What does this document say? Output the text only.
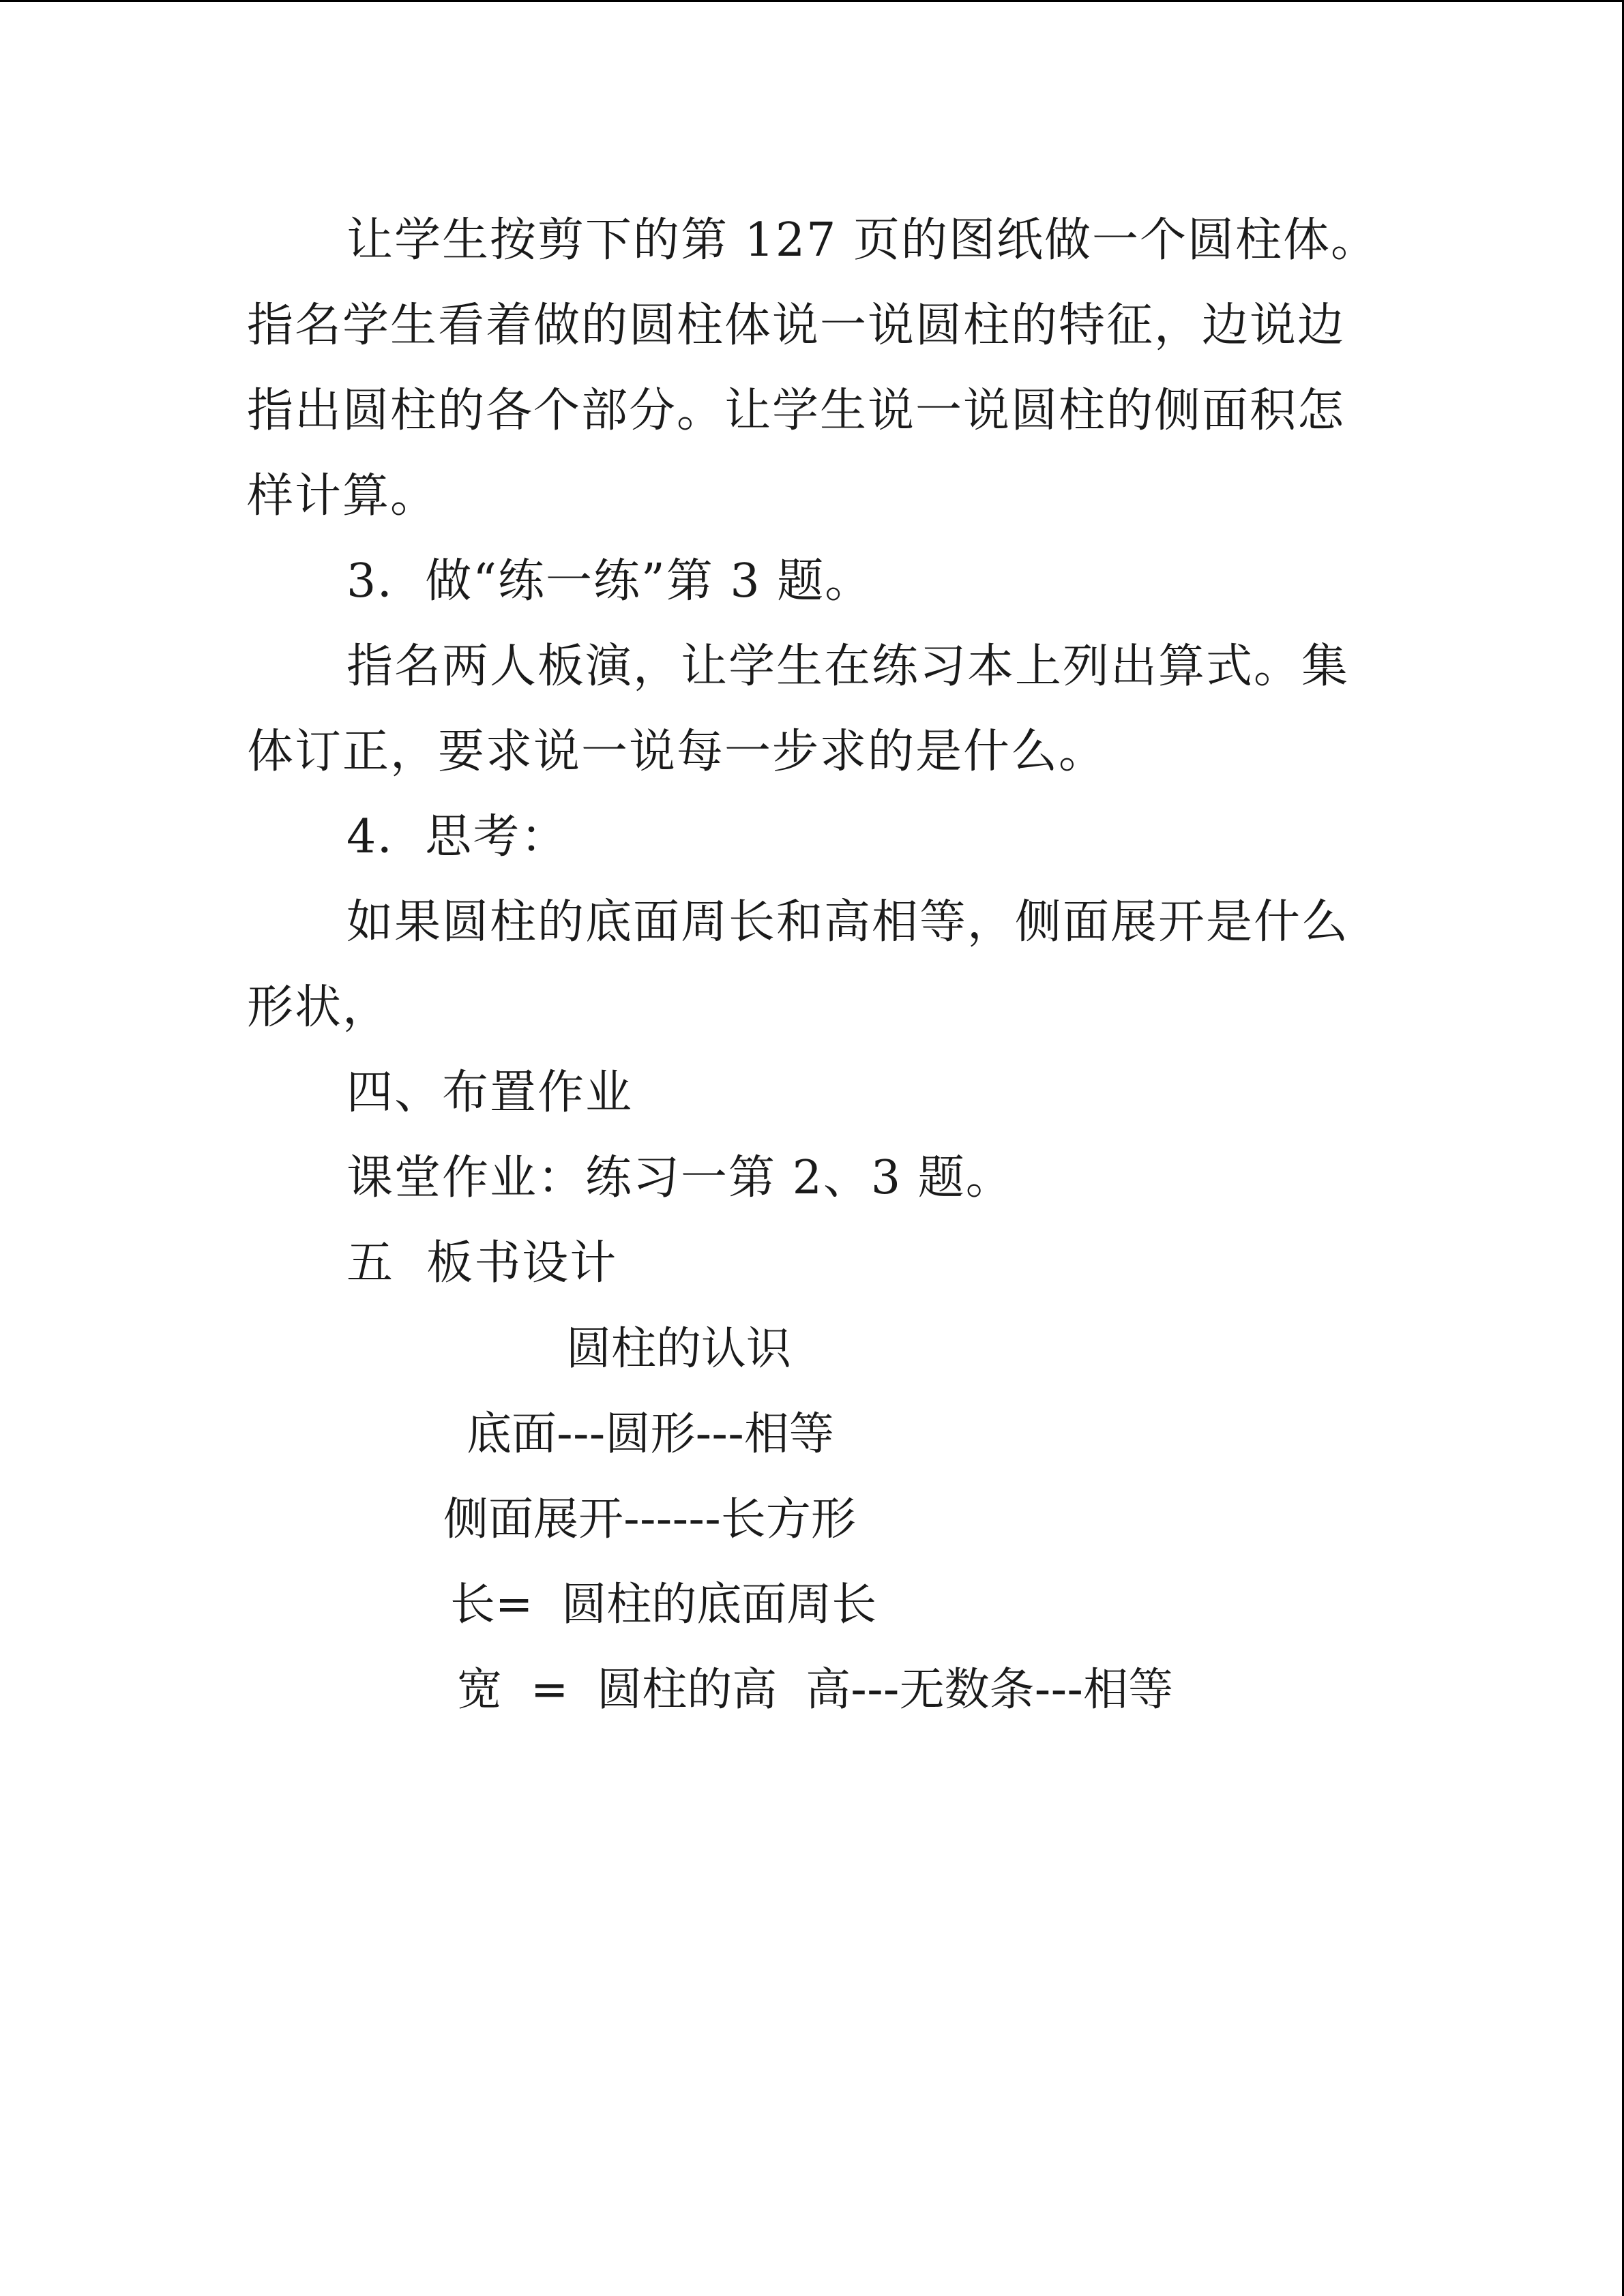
让学生按剪下的第 127 页的图纸做一个圆柱体。指名学生看着做的圆柱体说一说圆柱的特征，边说边指出圆柱的各个部分。让学生说一说圆柱的侧面积怎样计算。

3．做“练一练”第 3 题。

指名两人板演，让学生在练习本上列出算式。集体订正，要求说一说每一步求的是什么。

4．思考：

如果圆柱的底面周长和高相等，侧面展开是什么形状，

四、布置作业

课堂作业：练习一第 2、3 题。

五  板书设计

圆柱的认识

底面---圆形---相等

侧面展开------长方形

长=  圆柱的底面周长

宽  =  圆柱的高  高---无数条---相等
